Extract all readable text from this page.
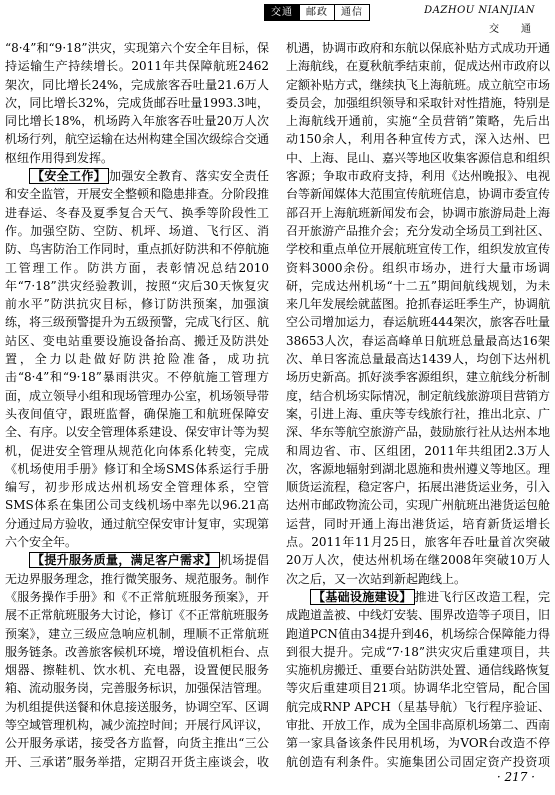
交通	邮政	通信	DAZHOU NIANJIAN
交　通

“8·4”和“9·18”洪灾，实现第六个安全年目标，保持运输生产持续增长。2011年共保障航班2462架次，同比增长24%，完成旅客吞吐量21.6万人次，同比增长32%，完成货邮吞吐量1993.3吨，同比增长18%，机场跨入年旅客吞吐量20万人次机场行列，航空运输在达州构建全国次级综合交通枢纽作用得到发挥。

【安全工作】 加强安全教育、落实安全责任和安全监管，开展安全整顿和隐患排查。分阶段推进春运、冬春及夏季复合天气、换季等阶段性工作。加强空防、空防、机坪、场道、飞行区、消防、鸟害防治工作同时，重点抓好防洪和不停航施工管理工作。防洪方面，表彰情况总结2010年“7·18”洪灾经验教训，按照“灾后30天恢复灾前水平”防洪抗灾目标，修订防洪预案，加强演练，将三级预警提升为五级预警，完成飞行区、航站区、变电站重要设施设备抬高、搬迁及防洪处置，全力以赴做好防洪抢险准备，成功抗击“8·4”和“9·18”暴雨洪灾。不停航施工管理方面，成立领导小组和现场管理办公室，机场领导带头夜间值守，跟班监督，确保施工和航班保障安全、有序。以安全管理体系建设、保安审计等为契机，促进安全管理从规范化向体系化转变，完成《机场使用手册》修订和全场SMS体系运行手册编写，初步形成达州机场安全管理体系，空管SMS体系在集团公司支线机场中率先以96.21高分通过局方验收，通过航空保安审计复审，实现第六个安全年。

【提升服务质量，满足客户需求】 机场提倡无边界服务理念，推行微笑服务、规范服务。制作《服务操作手册》和《不正常航班服务预案》，开展不正常航班服务大讨论，修订《不正常航班服务预案》，建立三级应急响应机制，理顺不正常航班服务链条。改善旅客候机环境，增设值机柜台、点烟器、擦鞋机、饮水机、充电器，设置便民服务箱、流动服务岗，完善服务标识，加强保洁管理。为机组提供送餐和休息接送服务，协调空军、区调等空域管理机构，减少流控时间；开展行风评议，公开服务承诺，接受各方监督，向货主推出“三公开、三承诺”服务举措，定期召开货主座谈会，收

机遇，协调市政府和东航以保底补贴方式成功开通上海航线，在夏秋航季结束前，促成达州市政府以定额补贴方式，继续执飞上海航班。成立航空市场委员会，加强组织领导和采取针对性措施，特别是上海航线开通前，实施“全员营销”策略，先后出动150余人，利用各种宣传方式，深入达州、巴中、上海、昆山、嘉兴等地区收集客源信息和组织客源；争取市政府支持，利用《达州晚报》、电视台等新闻媒体大范围宣传航班信息，协调市委宣传部召开上海航班新闻发布会，协调市旅游局赴上海召开旅游产品推介会；充分发动全场员工到社区、学校和重点单位开展航班宣传工作，组织发放宣传资料3000余份。组织市场办，进行大量市场调研，完成达州机场“十二五”期间航线规划，为未来几年发展绘就蓝图。抢抓春运旺季生产，协调航空公司增加运力，春运航班444架次，旅客吞吐量38653人次，春运高峰单日航班总量最高达16架次、单日客流总量最高达1439人，均创下达州机场历史新高。抓好淡季客源组织，建立航线分析制度，结合机场实际情况，制定航线旅游项目营销方案，引进上海、重庆等专线旅行社，推出北京、广深、华东等航空旅游产品，鼓励旅行社从达州本地和周边省、市、区组团，2011年共组团2.3万人次，客源地辐射到湖北恩施和贵州遵义等地区。理顺货运流程，稳定客户，拓展出港货运业务，引入达州市邮政物流公司，实现广州航班出港货运包舱运营，同时开通上海出港货运，培育新货运增长点。2011年11月25日，旅客年吞吐量首次突破20万人次，使达州机场在继2008年突破10万人次之后，又一次站到新起跑线上。

【基础设施建设】 推进飞行区改造工程，完成跑道盖被、中线灯安装、围界改造等子项目，旧跑道PCN值由34提升到46，机场综合保障能力得到很大提升。完成“7·18”洪灾灾后重建项目，共实施机房搬迁、重要台站防洪处置、通信线路恢复等灾后重建项目21项。协调华北空管局，配合国航完成RNP APCH（星基导航）飞行程序验证、审批、开放工作，成为全国非高原机场第二、西南第一家具备该条件民用机场，为VOR台改造不停航创造有利条件。实施集团公司固定资产投资项

· 217 ·
